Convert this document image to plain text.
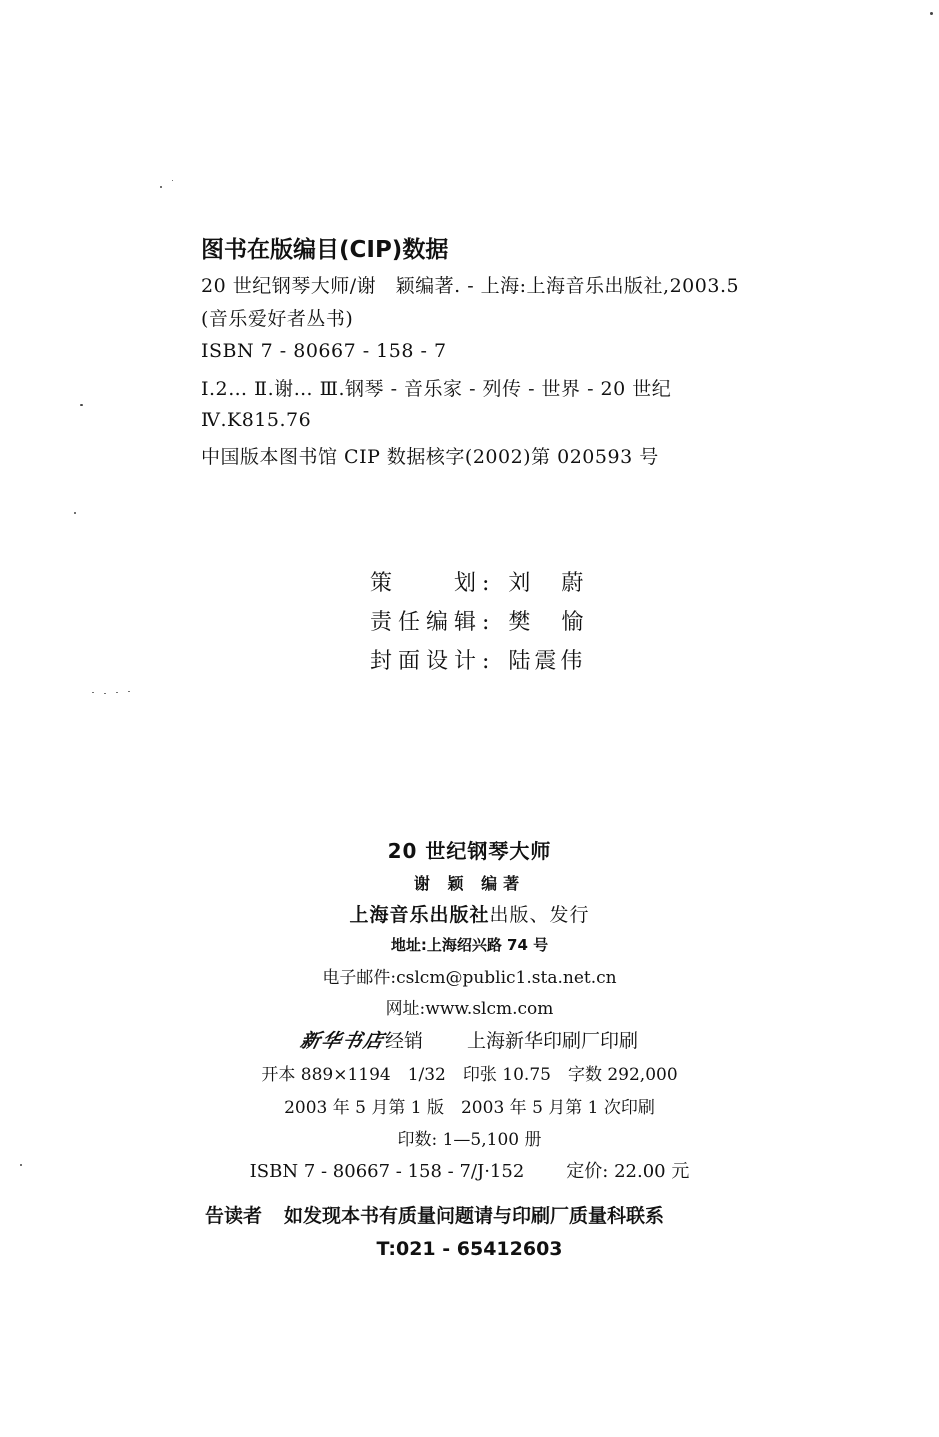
图书在版编目(CIP)数据
20 世纪钢琴大师/谢　颖编著. - 上海:上海音乐出版社,2003.5
(音乐爱好者丛书)
ISBN 7 - 80667 - 158 - 7
Ⅰ.2… Ⅱ.谢… Ⅲ.钢琴 - 音乐家 - 列传 - 世界 - 20 世纪
Ⅳ.K815.76
中国版本图书馆 CIP 数据核字(2002)第 020593 号
策　　划: 刘 蔚
责任编辑: 樊 愉
封面设计: 陆震伟
20 世纪钢琴大师
谢 颖 编著
上海音乐出版社出版、发行
地址:上海绍兴路 74 号
电子邮件:cslcm@public1.sta.net.cn
网址:www.slcm.com
新华书店经销 上海新华印刷厂印刷
开本 889×1194　1/32　印张 10.75　字数 292,000
2003 年 5 月第 1 版　2003 年 5 月第 1 次印刷
印数: 1—5,100 册
ISBN 7 - 80667 - 158 - 7/J·152 定价: 22.00 元
告读者 如发现本书有质量问题请与印刷厂质量科联系
T:021 - 65412603
